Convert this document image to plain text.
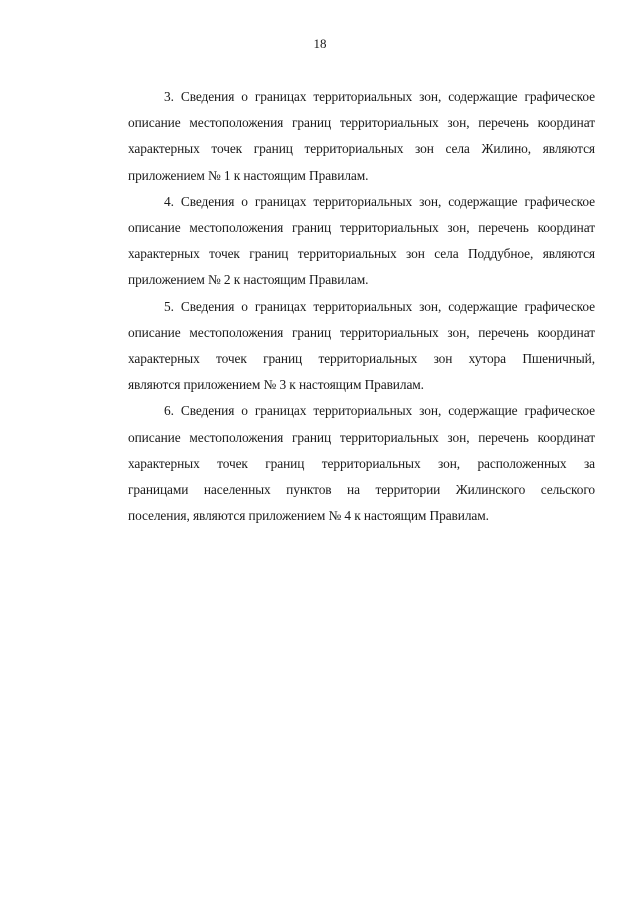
18

3. Сведения о границах территориальных зон, содержащие графическое
описание местоположения границ территориальных зон, перечень координат
характерных точек границ территориальных зон села Жилино, являются
приложением № 1 к настоящим Правилам.

4. Сведения о границах территориальных зон, содержащие графическое
описание местоположения границ территориальных зон, перечень координат
характерных точек границ территориальных зон села Поддубное, являются
приложением № 2 к настоящим Правилам.

5. Сведения о границах территориальных зон, содержащие графическое
описание местоположения границ территориальных зон, перечень координат
характерных точек границ территориальных зон хутора Пшеничный,
являются приложением № 3 к настоящим Правилам.

6. Сведения о границах территориальных зон, содержащие графическое
описание местоположения границ территориальных зон, перечень координат
характерных точек границ территориальных зон, расположенных за
границами населенных пунктов на территории Жилинского сельского
поселения, являются приложением № 4 к настоящим Правилам.
